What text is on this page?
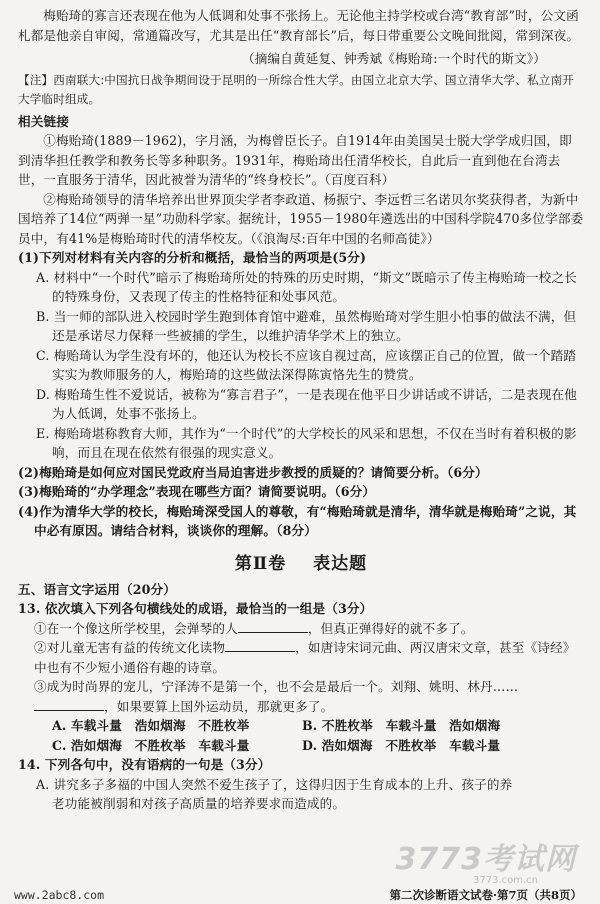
梅贻琦的寡言还表现在他为人低调和处事不张扬上。无论他主持学校或台湾“教育部”时，公文函札都是他亲自审阅，常通篇改写，尤其是出任“教育部长”后，每日带重要公文晚间批阅，常到深夜。

（摘编自黄延复、钟秀斌《梅贻琦:一个时代的斯文》）

【注】西南联大:中国抗日战争期间设于昆明的一所综合性大学。由国立北京大学、国立清华大学、私立南开大学临时组成。

相关链接

①梅贻琦(1889－1962)，字月涵，为梅曾臣长子。自1914年由美国吴士脱大学学成归国，即到清华担任教学和教务长等多种职务。1931年，梅贻琦出任清华校长，自此后一直到他在台湾去世，一直服务于清华，因此被誉为清华的“终身校长”。（百度百科）

②梅贻琦领导的清华培养出世界顶尖学者李政道、杨振宁、李远哲三名诺贝尔奖获得者，为新中国培养了14位“两弹一星”功勋科学家。据统计，1955－1980年遴选出的中国科学院470多位学部委员中，有41%是梅贻琦时代的清华校友。（《浪淘尽:百年中国的名师高徒》）

(1)下列对材料有关内容的分析和概括，最恰当的两项是(5分)

A. 材料中“一个时代”暗示了梅贻琦所处的特殊的历史时期，“斯文”既暗示了传主梅贻琦一校之长的特殊身份，又表现了传主的性格特征和处事风范。

B. 当一师的部队进入校园时学生跑到体育馆中避难，虽然梅贻琦对学生胆小怕事的做法不满，但还是承诺尽力保释一些被捕的学生，以维护清华学术上的独立。

C. 梅贻琦认为学生没有坏的，他还认为校长不应该自视过高，应该摆正自己的位置，做一个踏踏实实为教师服务的人，梅贻琦的这些做法深得陈寅恪先生的赞赏。

D. 梅贻琦生性不爱说话，被称为“寡言君子”，一是表现在他平日少讲话或不讲话，二是表现在他为人低调，处事不张扬上。

E. 梅贻琦堪称教育大师，其作为“一个时代”的大学校长的风采和思想，不仅在当时有着积极的影响，而且在现在依然有很强的现实意义。

(2)梅贻琦是如何应对国民党政府当局迫害进步教授的质疑的？请简要分析。（6分）

(3)梅贻琦的“办学理念”表现在哪些方面？请简要说明。（6分）

(4)作为清华大学的校长，梅贻琦深受国人的尊敬，有“梅贻琦就是清华，清华就是梅贻琦”之说，其中必有原因。请结合材料，谈谈你的理解。（8分）

第Ⅱ卷 表达题

五、语言文字运用（20分）

13. 依次填入下列各句横线处的成语，最恰当的一组是（3分）

①在一个像这所学校里，会弹琴的人	，但真正弹得好的就不多了。

②对儿童无害有益的传统文化读物	，如唐诗宋词元曲、两汉唐宋文章，甚至《诗经》中也有不少短小通俗有趣的诗章。

③成为时尚界的宠儿，宁泽涛不是第一个，也不会是最后一个。刘翔、姚明、林丹……，如果要算上国外运动员，那就更多了。

A. 车载斗量　浩如烟海　不胜枚举	B. 不胜枚举　车载斗量　浩如烟海
C. 浩如烟海　不胜枚举　车载斗量	D. 浩如烟海　不胜枚举　车载斗量

14. 下列各句中，没有语病的一句是（3分）

A. 讲究多子多福的中国人突然不爱生孩子了，这得归因于生育成本的上升、孩子的养老功能被削弱和对孩子高质量的培养要求而造成的。

3773考试网
3773.com.cn
www.2abc8.com	第二次诊断语文试卷·第7页（共8页）
